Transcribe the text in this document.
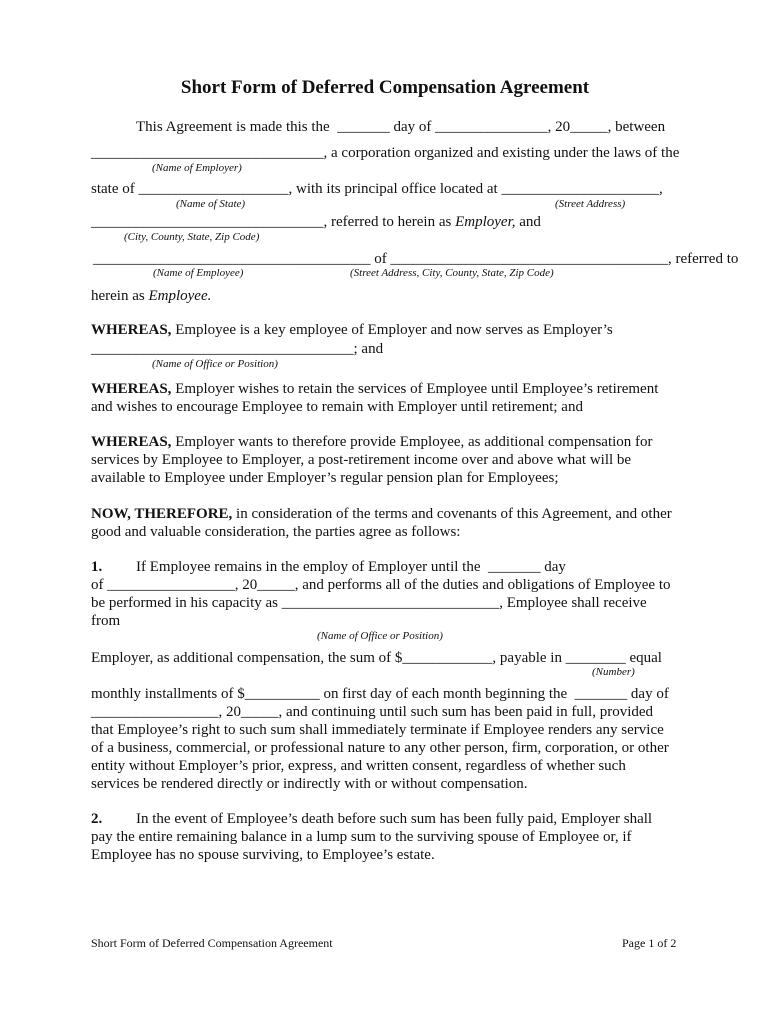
Short Form of Deferred Compensation Agreement

This Agreement is made this the  _______ day of _______________, 20_____, between

_______________________________, a corporation organized and existing under the laws of the

(Name of Employer)

state of ____________________, with its principal office located at _____________________,

(Name of State)	(Street Address)

_______________________________, referred to herein as Employer, and

(City, County, State, Zip Code)

_____________________________________ of _____________________________________, referred to

(Name of Employee)	(Street Address, City, County, State, Zip Code)

herein as Employee.

WHEREAS, Employee is a key employee of Employer and now serves as Employer’s

___________________________________; and

(Name of Office or Position)

WHEREAS, Employer wishes to retain the services of Employee until Employee’s retirement

and wishes to encourage Employee to remain with Employer until retirement; and

WHEREAS, Employer wants to therefore provide Employee, as additional compensation for

services by Employee to Employer, a post-retirement income over and above what will be

available to Employee under Employer’s regular pension plan for Employees;

NOW, THEREFORE, in consideration of the terms and covenants of this Agreement, and other

good and valuable consideration, the parties agree as follows:

1. If Employee remains in the employ of Employer until the  _______ day

of _________________, 20_____, and performs all of the duties and obligations of Employee to

be performed in his capacity as _____________________________, Employee shall receive

from

(Name of Office or Position)

Employer, as additional compensation, the sum of $____________, payable in ________ equal

(Number)

monthly installments of $__________ on first day of each month beginning the  _______ day of

_________________, 20_____, and continuing until such sum has been paid in full, provided

that Employee’s right to such sum shall immediately terminate if Employee renders any service

of a business, commercial, or professional nature to any other person, firm, corporation, or other

entity without Employer’s prior, express, and written consent, regardless of whether such

services be rendered directly or indirectly with or without compensation.

2. In the event of Employee’s death before such sum has been fully paid, Employer shall

pay the entire remaining balance in a lump sum to the surviving spouse of Employee or, if

Employee has no spouse surviving, to Employee’s estate.

Short Form of Deferred Compensation Agreement	Page 1 of 2
